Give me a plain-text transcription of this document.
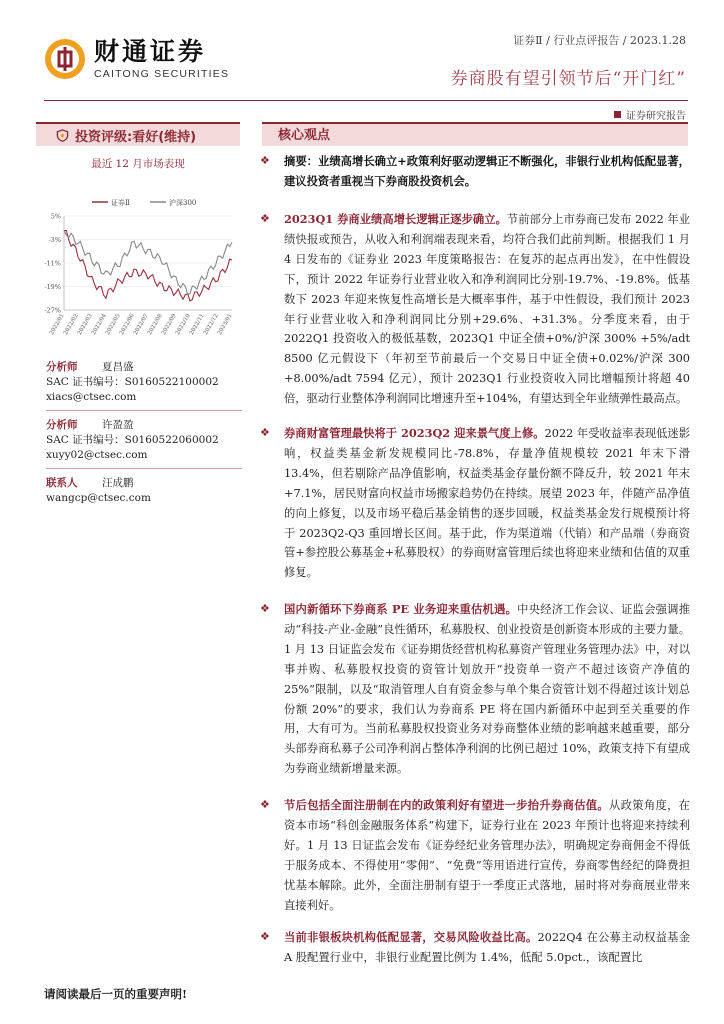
财通证券
CAITONG SECURITIES
证券Ⅱ / 行业点评报告 / 2023.1.28
券商股有望引领节后“开门红”
证券研究报告
投资评级:看好(维持)
最近 12 月市场表现
证券Ⅱ	沪深300
5%
-3%
-11%
-19%
-27%
2022/01
2022/02
2022/03
2022/04
2022/05
2022/06
2022/07
2022/08
2022/09
2022/10
2022/11
2022/12
2023/01
分析师	夏昌盛
SAC 证书编号：S0160522100002
xiacs@ctsec.com
分析师	许盈盈
SAC 证书编号：S0160522060002
xuyy02@ctsec.com
联系人	汪成鹏
wangcp@ctsec.com
核心观点
❖ 摘要：业绩高增长确立+政策利好驱动逻辑正不断强化，非银行业机构低配显著，建议投资者重视当下券商股投资机会。
❖ 2023Q1 券商业绩高增长逻辑正逐步确立。节前部分上市券商已发布 2022 年业绩快报或预告，从收入和利润端表现来看，均符合我们此前判断。根据我们 1 月 4 日发布的《证券业 2023 年度策略报告：在复苏的起点再出发》，在中性假设下，预计 2022 年证券行业营业收入和净利润同比分别-19.7%、-19.8%。低基数下 2023 年迎来恢复性高增长是大概率事件，基于中性假设，我们预计 2023 年行业营业收入和净利润同比分别+29.6%、+31.3%。分季度来看，由于 2022Q1 投资收入的极低基数，2023Q1 中证全债+0%/沪深 300% +5%/adt 8500 亿元假设下（年初至节前最后一个交易日中证全债+0.02%/沪深 300 +8.00%/adt 7594 亿元），预计 2023Q1 行业投资收入同比增幅预计将超 40 倍，驱动行业整体净利润同比增速升至+104%，有望达到全年业绩弹性最高点。
❖ 券商财富管理最快将于 2023Q2 迎来景气度上修。2022 年受收益率表现低迷影响，权益类基金新发规模同比-78.8%，存量净值规模较 2021 年末下滑 13.4%，但若剔除产品净值影响，权益类基金存量份额不降反升，较 2021 年末+7.1%，居民财富向权益市场搬家趋势仍在持续。展望 2023 年，伴随产品净值的向上修复，以及市场平稳后基金销售的逐步回暖，权益类基金发行规模预计将于 2023Q2-Q3 重回增长区间。基于此，作为渠道端（代销）和产品端（券商资管+参控股公募基金+私募股权）的券商财富管理后续也将迎来业绩和估值的双重修复。
❖ 国内新循环下券商系 PE 业务迎来重估机遇。中央经济工作会议、证监会强调推动“科技-产业-金融”良性循环，私募股权、创业投资是创新资本形成的主要力量。1 月 13 日证监会发布《证券期货经营机构私募资产管理业务管理办法》中，对以事并购、私募股权投资的资管计划放开“投资单一资产不超过该资产净值的 25%”限制，以及“取消管理人自有资金参与单个集合资管计划不得超过该计划总份额 20%”的要求，我们认为券商系 PE 将在国内新循环中起到至关重要的作用，大有可为。当前私募股权投资业务对券商整体业绩的影响越来越重要，部分头部券商私募子公司净利润占整体净利润的比例已超过 10%，政策支持下有望成为券商业绩新增量来源。
❖ 节后包括全面注册制在内的政策利好有望进一步抬升券商估值。从政策角度，在资本市场“科创金融服务体系”构建下，证券行业在 2023 年预计也将迎来持续利好。1 月 13 日证监会发布《证券经纪业务管理办法》，明确规定券商佣金不得低于服务成本、不得使用“零佣”、“免费”等用语进行宣传，券商零售经纪的降费担忧基本解除。此外，全面注册制有望于一季度正式落地，届时将对券商展业带来直接利好。
❖ 当前非银板块机构低配显著，交易风险收益比高。2022Q4 在公募主动权益基金 A 股配置行业中，非银行业配置比例为 1.4%，低配 5.0pct.，该配置比
请阅读最后一页的重要声明!
